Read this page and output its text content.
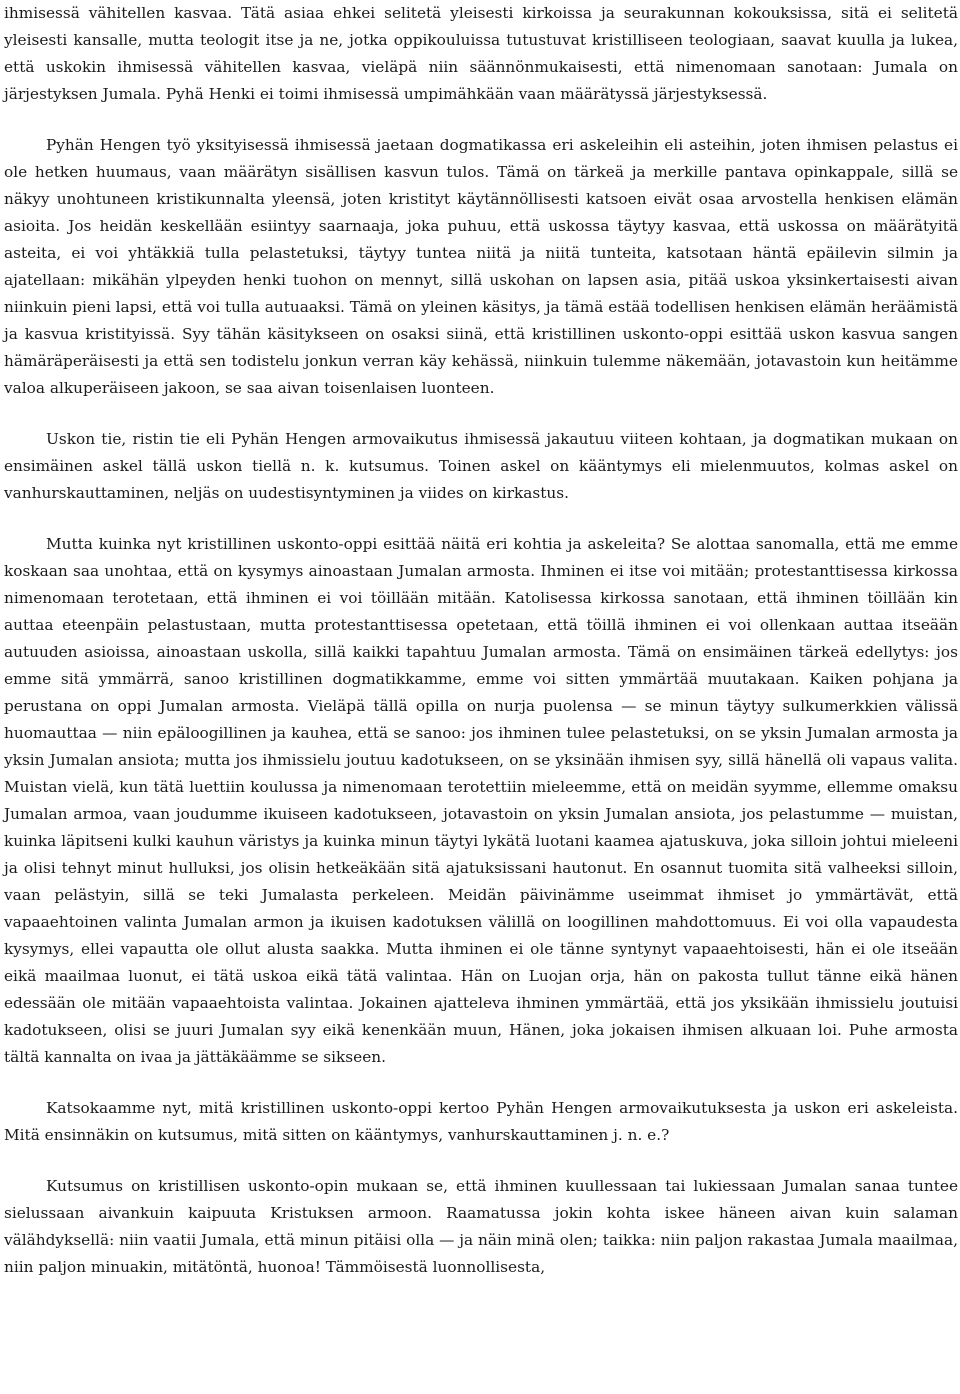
ihmisessä vähitellen kasvaa. Tätä asiaa ehkei selitetä yleisesti kirkoissa ja seurakunnan kokouksissa, sitä ei selitetä yleisesti kansalle, mutta teologit itse ja ne, jotka oppikouluissa tutustuvat kristilliseen teologiaan, saavat kuulla ja lukea, että uskokin ihmisessä vähitellen kasvaa, vieläpä niin säännönmukaisesti, että nimenomaan sanotaan: Jumala on järjestyksen Jumala. Pyhä Henki ei toimi ihmisessä umpimähkään vaan määrätyssä järjestyksessä.

Pyhän Hengen työ yksityisessä ihmisessä jaetaan dogmatikassa eri askeleihin eli asteihin, joten ihmisen pelastus ei ole hetken huumaus, vaan määrätyn sisällisen kasvun tulos. Tämä on tärkeä ja merkille pantava opinkappale, sillä se näkyy unohtuneen kristikunnalta yleensä, joten kristityt käytännöllisesti katsoen eivät osaa arvostella henkisen elämän asioita. Jos heidän keskellään esiintyy saarnaaja, joka puhuu, että uskossa täytyy kasvaa, että uskossa on määrätyitä asteita, ei voi yhtäkkiä tulla pelastetuksi, täytyy tuntea niitä ja niitä tunteita, katsotaan häntä epäilevin silmin ja ajatellaan: mikähän ylpeyden henki tuohon on mennyt, sillä uskohan on lapsen asia, pitää uskoa yksinkertaisesti aivan niinkuin pieni lapsi, että voi tulla autuaaksi. Tämä on yleinen käsitys, ja tämä estää todellisen henkisen elämän heräämistä ja kasvua kristityissä. Syy tähän käsitykseen on osaksi siinä, että kristillinen uskonto-oppi esittää uskon kasvua sangen hämäräperäisesti ja että sen todistelu jonkun verran käy kehässä, niinkuin tulemme näkemään, jotavastoin kun heitämme valoa alkuperäiseen jakoon, se saa aivan toisenlaisen luonteen.

Uskon tie, ristin tie eli Pyhän Hengen armovaikutus ihmisessä jakautuu viiteen kohtaan, ja dogmatikan mukaan on ensimäinen askel tällä uskon tiellä n. k. kutsumus. Toinen askel on kääntymys eli mielenmuutos, kolmas askel on vanhurskauttaminen, neljäs on uudestisyntyminen ja viides on kirkastus.

Mutta kuinka nyt kristillinen uskonto-oppi esittää näitä eri kohtia ja askeleita? Se alottaa sanomalla, että me emme koskaan saa unohtaa, että on kysymys ainoastaan Jumalan armosta. Ihminen ei itse voi mitään; protestanttisessa kirkossa nimenomaan terotetaan, että ihminen ei voi töillään mitään. Katolisessa kirkossa sanotaan, että ihminen töillään kin auttaa eteenpäin pelastustaan, mutta protestanttisessa opetetaan, että töillä ihminen ei voi ollenkaan auttaa itseään autuuden asioissa, ainoastaan uskolla, sillä kaikki tapahtuu Jumalan armosta. Tämä on ensimäinen tärkeä edellytys: jos emme sitä ymmärrä, sanoo kristillinen dogmatikkamme, emme voi sitten ymmärtää muutakaan. Kaiken pohjana ja perustana on oppi Jumalan armosta. Vieläpä tällä opilla on nurja puolensa — se minun täytyy sulkumerkkien välissä huomauttaa — niin epäloogillinen ja kauhea, että se sanoo: jos ihminen tulee pelastetuksi, on se yksin Jumalan armosta ja yksin Jumalan ansiota; mutta jos ihmissielu joutuu kadotukseen, on se yksinään ihmisen syy, sillä hänellä oli vapaus valita. Muistan vielä, kun tätä luettiin koulussa ja nimenomaan terotettiin mieleemme, että on meidän syymme, ellemme omaksu Jumalan armoa, vaan joudumme ikuiseen kadotukseen, jotavastoin on yksin Jumalan ansiota, jos pelastumme — muistan, kuinka läpitseni kulki kauhun väristys ja kuinka minun täytyi lykätä luotani kaamea ajatuskuva, joka silloin johtui mieleeni ja olisi tehnyt minut hulluksi, jos olisin hetkeäkään sitä ajatuksissani hautonut. En osannut tuomita sitä valheeksi silloin, vaan pelästyin, sillä se teki Jumalasta perkeleen. Meidän päivinämme useimmat ihmiset jo ymmärtävät, että vapaaehtoinen valinta Jumalan armon ja ikuisen kadotuksen välillä on loogillinen mahdottomuus. Ei voi olla vapaudesta kysymys, ellei vapautta ole ollut alusta saakka. Mutta ihminen ei ole tänne syntynyt vapaaehtoisesti, hän ei ole itseään eikä maailmaa luonut, ei tätä uskoa eikä tätä valintaa. Hän on Luojan orja, hän on pakosta tullut tänne eikä hänen edessään ole mitään vapaaehtoista valintaa. Jokainen ajatteleva ihminen ymmärtää, että jos yksikään ihmissielu joutuisi kadotukseen, olisi se juuri Jumalan syy eikä kenenkään muun, Hänen, joka jokaisen ihmisen alkuaan loi. Puhe armosta tältä kannalta on ivaa ja jättäkäämme se sikseen.

Katsokaamme nyt, mitä kristillinen uskonto-oppi kertoo Pyhän Hengen armovaikutuksesta ja uskon eri askeleista. Mitä ensinnäkin on kutsumus, mitä sitten on kääntymys, vanhurskauttaminen j. n. e.?

Kutsumus on kristillisen uskonto-opin mukaan se, että ihminen kuullessaan tai lukiessaan Jumalan sanaa tuntee sielussaan aivankuin kaipuuta Kristuksen armoon. Raamatussa jokin kohta iskee häneen aivan kuin salaman välähdyksellä: niin vaatii Jumala, että minun pitäisi olla — ja näin minä olen; taikka: niin paljon rakastaa Jumala maailmaa, niin paljon minuakin, mitätöntä, huonoa! Tämmöisestä luonnollisesta,
